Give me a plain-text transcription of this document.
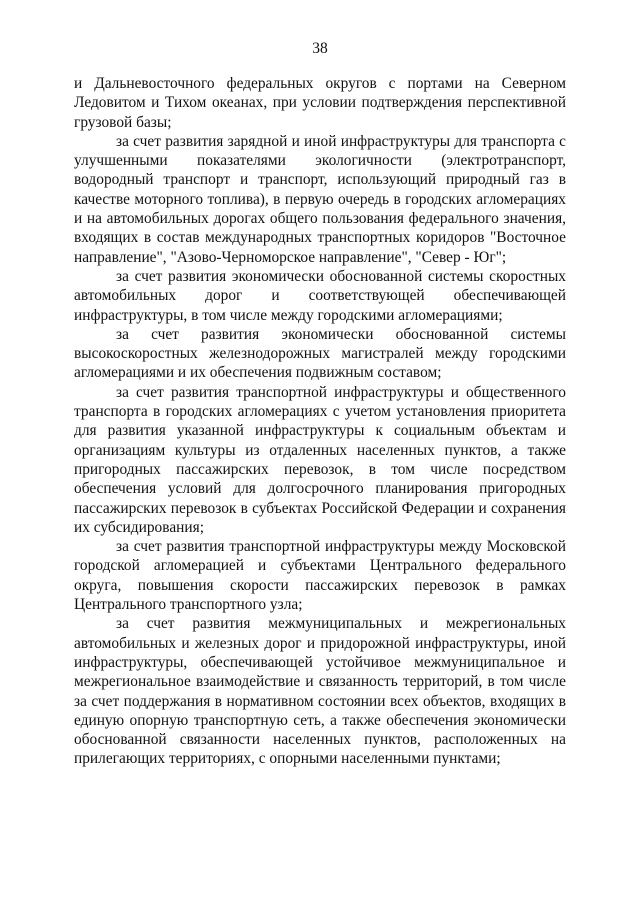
38

и Дальневосточного федеральных округов с портами на Северном Ледовитом и Тихом океанах, при условии подтверждения перспективной грузовой базы;

за счет развития зарядной и иной инфраструктуры для транспорта с улучшенными показателями экологичности (электротранспорт, водородный транспорт и транспорт, использующий природный газ в качестве моторного топлива), в первую очередь в городских агломерациях и на автомобильных дорогах общего пользования федерального значения, входящих в состав международных транспортных коридоров "Восточное направление", "Азово-Черноморское направление", "Север - Юг";

за счет развития экономически обоснованной системы скоростных автомобильных дорог и соответствующей обеспечивающей инфраструктуры, в том числе между городскими агломерациями;

за счет развития экономически обоснованной системы высокоскоростных железнодорожных магистралей между городскими агломерациями и их обеспечения подвижным составом;

за счет развития транспортной инфраструктуры и общественного транспорта в городских агломерациях с учетом установления приоритета для развития указанной инфраструктуры к социальным объектам и организациям культуры из отдаленных населенных пунктов, а также пригородных пассажирских перевозок, в том числе посредством обеспечения условий для долгосрочного планирования пригородных пассажирских перевозок в субъектах Российской Федерации и сохранения их субсидирования;

за счет развития транспортной инфраструктуры между Московской городской агломерацией и субъектами Центрального федерального округа, повышения скорости пассажирских перевозок в рамках Центрального транспортного узла;

за счет развития межмуниципальных и межрегиональных автомобильных и железных дорог и придорожной инфраструктуры, иной инфраструктуры, обеспечивающей устойчивое межмуниципальное и межрегиональное взаимодействие и связанность территорий, в том числе за счет поддержания в нормативном состоянии всех объектов, входящих в единую опорную транспортную сеть, а также обеспечения экономически обоснованной связанности населенных пунктов, расположенных на прилегающих территориях, с опорными населенными пунктами;
